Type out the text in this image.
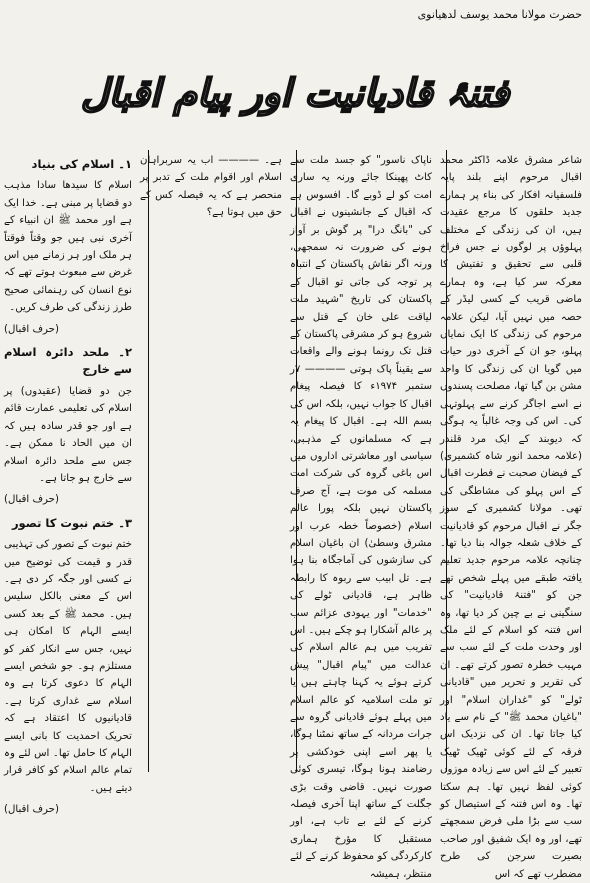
حضرت مولانا محمد یوسف لدھیانوی
فتنۂ قادیانیت اور پیام اقبال

شاعر مشرق علامہ ڈاکٹر محمد اقبال مرحوم اپنے بلند پایہ فلسفیانہ افکار کی بناء پر ہمارے جدید حلقوں کا مرجع عقیدت ہیں، ان کی زندگی کے مختلف پہلوؤں پر لوگوں نے جس فراخ قلبی سے تحقیق و تفتیش کا معرکہ سر کیا ہے، وہ ہمارے ماضی قریب کے کسی لیڈر کے حصہ میں نہیں آیا، لیکن علامہ مرحوم کی زندگی کا ایک نمایاں پہلو، جو ان کے آخری دور حیات میں گویا ان کی زندگی کا واحد مشن بن گیا تھا، مصلحت پسندوں نے اسے اجاگر کرنے سے پہلوتہی کی۔ اس کی وجہ غالباً یہ ہوگی کہ دیوبند کے ایک مرد قلندر (علامہ محمد انور شاہ کشمیری) کے فیضان صحبت نے فطرت اقبال کے اس پہلو کی مشاطگی کی تھی۔ مولانا کشمیری کے سوز جگر نے اقبال مرحوم کو قادیانیت کے خلاف شعلہ جوالہ بنا دیا تھا۔ چنانچہ علامہ مرحوم جدید تعلیم یافتہ طبقے میں پہلے شخص تھے جن کو "فتنۂ قادیانیت" کی سنگینی نے بے چین کر دیا تھا، وہ اس فتنہ کو اسلام کے لئے ملک اور وحدت ملت کے لئے سب سے مہیب خطرہ تصور کرتے تھے۔ ان کی تقریر و تحریر میں "قادیانی ٹولے" کو "غداران اسلام" اور "باغیان محمد ﷺ" کے نام سے یاد کیا جاتا تھا۔ ان کی نزدیک اس فرقہ کے لئے کوئی ٹھیک ٹھیک تعبیر کے لئے اس سے زیادہ موزوں کوئی لفظ نہیں تھا۔ ہم سکتا تھا۔ وہ اس فتنہ کے استیصال کو سب سے بڑا ملی فرض سمجھتے تھے، اور وہ ایک شفیق اور صاحب بصیرت سرجن کی طرح مضطرب تھے کہ اس

ناپاک ناسور" کو جسد ملت سے کاٹ پھینکا جائے ورنہ یہ ساری امت کو لے ڈوبے گا۔ افسوس ہے کہ اقبال کے جانشینوں نے اقبال کی "بانگ درا" پر گوش بر آواز ہونے کی ضرورت نہ سمجھی، ورنہ اگر نقاش پاکستان کے انتباہ پر توجہ کی جاتی تو اقبال کے پاکستان کی تاریخ "شہید ملت لیاقت علی خان کے قتل سے شروع ہو کر مشرقی پاکستان کے قتل تک رونما ہونے والے واقعات سے یقیناً پاک ہوتی ———— ۷ر ستمبر ۱۹۷۴ء کا فیصلہ پیغام اقبال کا جواب نہیں، بلکہ اس کی بسم اللہ ہے۔ اقبال کا پیغام یہ ہے کہ مسلمانوں کے مذہبی، سیاسی اور معاشرتی اداروں میں اس باغی گروہ کی شرکت امت مسلمہ کی موت ہے، آج صرف پاکستان نہیں بلکہ پورا عالم اسلام (خصوصاً خطہ عرب اور مشرق وسطیٰ) ان باغیان اسلام کی سازشوں کی آماجگاہ بنا ہوا ہے۔ تل ابیب سے ربوہ کا رابطہ ظاہر ہے، قادیانی ٹولے کی "خدمات" اور یہودی عزائم سب پر عالم آشکارا ہو چکے ہیں۔ اس تفریب میں ہم عالم اسلام کی عدالت میں "پیام اقبال" پیش کرتے ہوئے یہ کہنا چاہتے ہیں یا تو ملت اسلامیہ کو عالم اسلام میں پہلے ہوئے قادیانی گروہ سے جرات مردانہ کے ساتھ نمٹنا ہوگا، یا پھر اسے اپنی خودکشی پر رضامند ہونا ہوگا، تیسری کوئی صورت نہیں۔ قاضی وقت بڑی جگلت کے ساتھ اپنا آخری فیصلہ کرنے کے لئے بے تاب ہے، اور مستقبل کا مؤرخ ہماری کارکردگی کو محفوظ کرنے کے لئے منتظر، ہمیشہ

ہے۔ ———— اب یہ سربراہان اسلام اور اقوام ملت کے تدبر پر منحصر ہے کہ یہ فیصلہ کس کے حق میں ہوتا ہے؟

۱۔ اسلام کی بنیاد

اسلام کا سیدھا سادا مذہب دو قضایا پر مبنی ہے۔ خدا ایک ہے اور محمد ﷺ ان انبیاء کے آخری نبی ہیں جو وقتاً فوقتاً ہر ملک اور ہر زمانے میں اس غرض سے مبعوث ہوتے تھے کہ نوع انسان کی رہنمائی صحیح طرز زندگی کی طرف کریں۔

(حرف اقبال)
۲۔ ملحد دائرہ اسلام سے خارج

جن دو قضایا (عقیدوں) پر اسلام کی تعلیمی عمارت قائم ہے اور جو قدر سادہ ہیں کہ ان میں الحاد نا ممکن ہے۔ جس سے ملحد دائرہ اسلام سے خارج ہو جاتا ہے۔

(حرف اقبال)
۳۔ ختم نبوت کا تصور

ختم نبوت کے تصور کی تہذیبی قدر و قیمت کی توضیح میں نے کسی اور جگہ کر دی ہے۔ اس کے معنی بالکل سلیس ہیں۔ محمد ﷺ کے بعد کسی ایسے الہام کا امکان ہی نہیں، جس سے انکار کفر کو مستلزم ہو۔ جو شخص ایسے الہام کا دعوی کرتا ہے وہ اسلام سے غداری کرتا ہے۔ قادیانیوں کا اعتقاد ہے کہ تحریک احمدیت کا بانی ایسے الہام کا حامل تھا۔ اس لئے وہ تمام عالم اسلام کو کافر قرار دیتے ہیں۔

(حرف اقبال)
